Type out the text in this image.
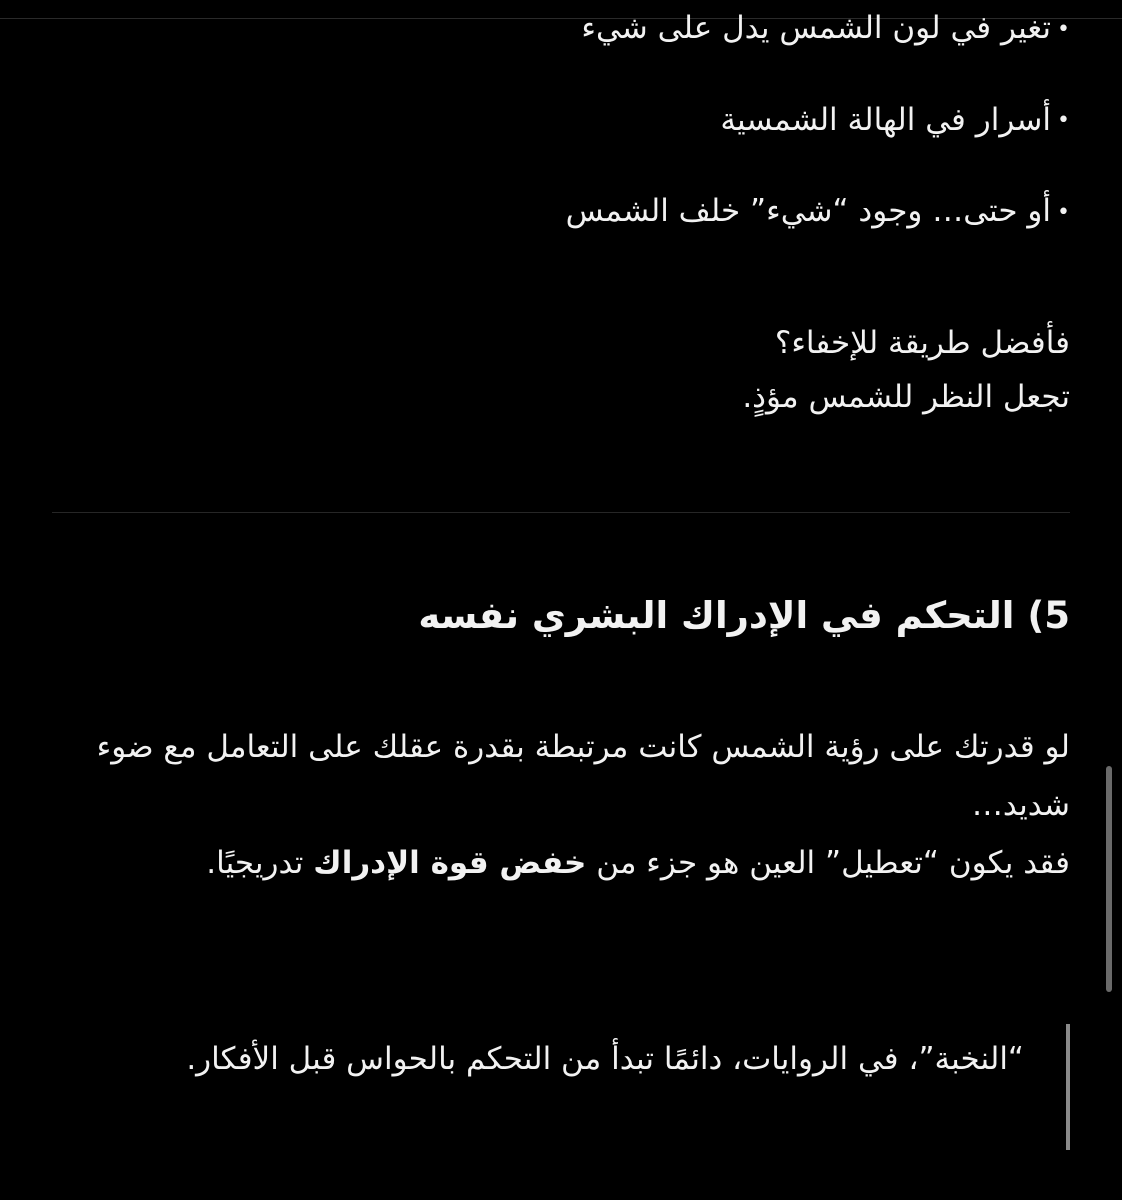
•تغير في لون الشمس يدل على شيء
•أسرار في الهالة الشمسية
•أو حتى… وجود “شيء” خلف الشمس

فأفضل طريقة للإخفاء؟
تجعل النظر للشمس مؤذٍ.

5) التحكم في الإدراك البشري نفسه

لو قدرتك على رؤية الشمس كانت مرتبطة بقدرة عقلك على التعامل مع ضوء شديد…
فقد يكون “تعطيل” العين هو جزء من خفض قوة الإدراك تدريجيًا.

“النخبة”، في الروايات، دائمًا تبدأ من التحكم بالحواس قبل الأفكار.
